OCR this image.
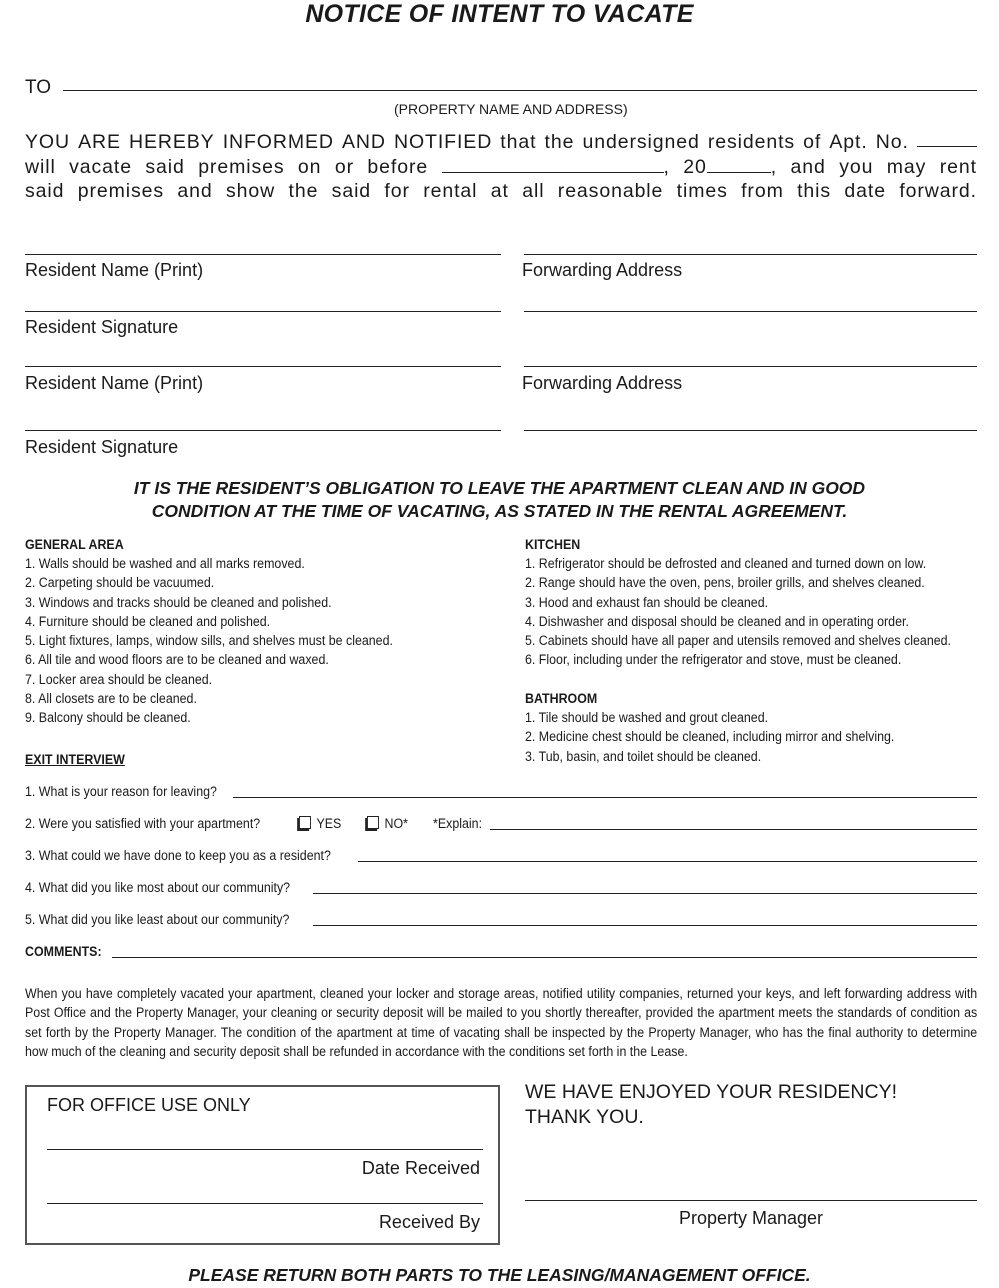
NOTICE OF INTENT TO VACATE
TO
(PROPERTY NAME AND ADDRESS)
YOU ARE HEREBY INFORMED AND NOTIFIED that the undersigned residents of Apt. No.
will vacate said premises on or before	, 20	, and you may rent
said premises and show the said for rental at all reasonable times from this date forward.
Resident Name (Print)	Forwarding Address
Resident Signature
Resident Name (Print)	Forwarding Address
Resident Signature
IT IS THE RESIDENT’S OBLIGATION TO LEAVE THE APARTMENT CLEAN AND IN GOOD
CONDITION AT THE TIME OF VACATING, AS STATED IN THE RENTAL AGREEMENT.
GENERAL AREA
1. Walls should be washed and all marks removed.
2. Carpeting should be vacuumed.
3. Windows and tracks should be cleaned and polished.
4. Furniture should be cleaned and polished.
5. Light fixtures, lamps, window sills, and shelves must be cleaned.
6. All tile and wood floors are to be cleaned and waxed.
7. Locker area should be cleaned.
8. All closets are to be cleaned.
9. Balcony should be cleaned.
KITCHEN
1. Refrigerator should be defrosted and cleaned and turned down on low.
2. Range should have the oven, pens, broiler grills, and shelves cleaned.
3. Hood and exhaust fan should be cleaned.
4. Dishwasher and disposal should be cleaned and in operating order.
5. Cabinets should have all paper and utensils removed and shelves cleaned.
6. Floor, including under the refrigerator and stove, must be cleaned.
BATHROOM
1. Tile should be washed and grout cleaned.
2. Medicine chest should be cleaned, including mirror and shelving.
3. Tub, basin, and toilet should be cleaned.
EXIT INTERVIEW
1. What is your reason for leaving?
2. Were you satisfied with your apartment?	YES	NO* *Explain:
3. What could we have done to keep you as a resident?
4. What did you like most about our community?
5. What did you like least about our community?
COMMENTS:
When you have completely vacated your apartment, cleaned your locker and storage areas, notified utility companies, returned your keys, and left forwarding address with Post Office and the Property Manager, your cleaning or security deposit will be mailed to you shortly thereafter, provided the apartment meets the standards of condition as set forth by the Property Manager. The condition of the apartment at time of vacating shall be inspected by the Property Manager, who has the final authority to determine how much of the cleaning and security deposit shall be refunded in accordance with the conditions set forth in the Lease.
FOR OFFICE USE ONLY
Date Received
Received By
WE HAVE ENJOYED YOUR RESIDENCY!
THANK YOU.
Property Manager
PLEASE RETURN BOTH PARTS TO THE LEASING/MANAGEMENT OFFICE.
